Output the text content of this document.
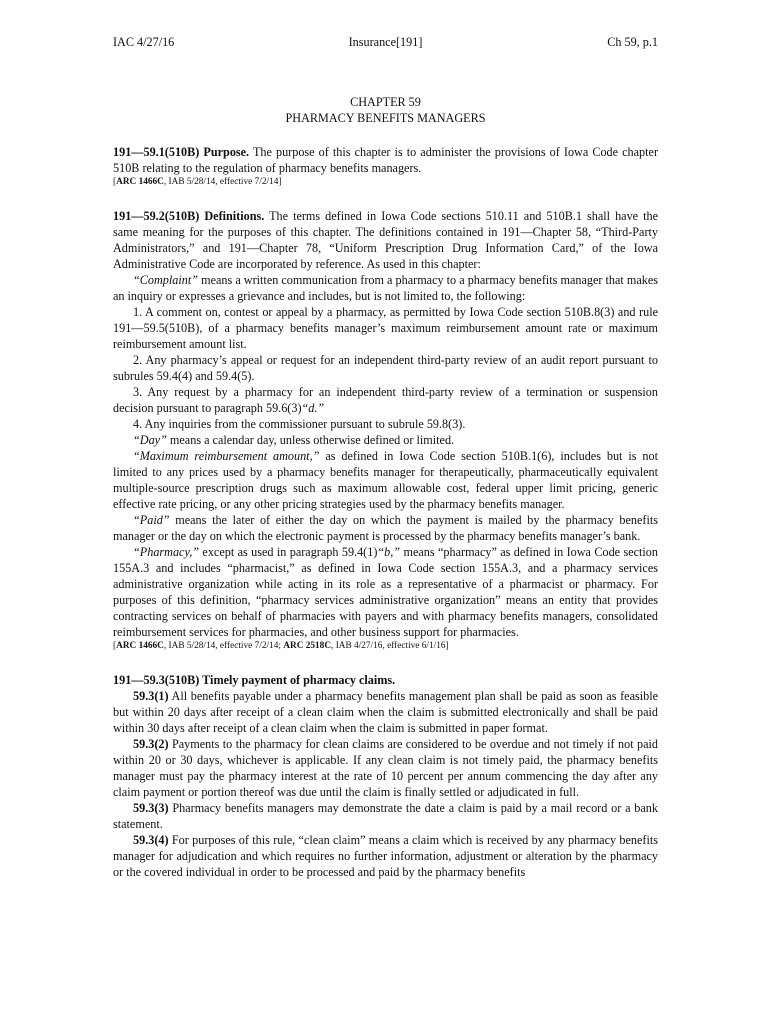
IAC 4/27/16	Insurance[191]	Ch 59, p.1

CHAPTER 59

PHARMACY BENEFITS MANAGERS

191—59.1(510B) Purpose. The purpose of this chapter is to administer the provisions of Iowa Code chapter 510B relating to the regulation of pharmacy benefits managers.

[ARC 1466C, IAB 5/28/14, effective 7/2/14]

191—59.2(510B) Definitions. The terms defined in Iowa Code sections 510.11 and 510B.1 shall have the same meaning for the purposes of this chapter. The definitions contained in 191—Chapter 58, “Third-Party Administrators,” and 191—Chapter 78, “Uniform Prescription Drug Information Card,” of the Iowa Administrative Code are incorporated by reference. As used in this chapter:

“Complaint” means a written communication from a pharmacy to a pharmacy benefits manager that makes an inquiry or expresses a grievance and includes, but is not limited to, the following:

1. A comment on, contest or appeal by a pharmacy, as permitted by Iowa Code section 510B.8(3) and rule 191—59.5(510B), of a pharmacy benefits manager’s maximum reimbursement amount rate or maximum reimbursement amount list.

2. Any pharmacy’s appeal or request for an independent third-party review of an audit report pursuant to subrules 59.4(4) and 59.4(5).

3. Any request by a pharmacy for an independent third-party review of a termination or suspension decision pursuant to paragraph 59.6(3)“d.”

4. Any inquiries from the commissioner pursuant to subrule 59.8(3).

“Day” means a calendar day, unless otherwise defined or limited.

“Maximum reimbursement amount,” as defined in Iowa Code section 510B.1(6), includes but is not limited to any prices used by a pharmacy benefits manager for therapeutically, pharmaceutically equivalent multiple-source prescription drugs such as maximum allowable cost, federal upper limit pricing, generic effective rate pricing, or any other pricing strategies used by the pharmacy benefits manager.

“Paid” means the later of either the day on which the payment is mailed by the pharmacy benefits manager or the day on which the electronic payment is processed by the pharmacy benefits manager’s bank.

“Pharmacy,” except as used in paragraph 59.4(1)“b,” means “pharmacy” as defined in Iowa Code section 155A.3 and includes “pharmacist,” as defined in Iowa Code section 155A.3, and a pharmacy services administrative organization while acting in its role as a representative of a pharmacist or pharmacy. For purposes of this definition, “pharmacy services administrative organization” means an entity that provides contracting services on behalf of pharmacies with payers and with pharmacy benefits managers, consolidated reimbursement services for pharmacies, and other business support for pharmacies.

[ARC 1466C, IAB 5/28/14, effective 7/2/14; ARC 2518C, IAB 4/27/16, effective 6/1/16]

191—59.3(510B) Timely payment of pharmacy claims.

59.3(1) All benefits payable under a pharmacy benefits management plan shall be paid as soon as feasible but within 20 days after receipt of a clean claim when the claim is submitted electronically and shall be paid within 30 days after receipt of a clean claim when the claim is submitted in paper format.

59.3(2) Payments to the pharmacy for clean claims are considered to be overdue and not timely if not paid within 20 or 30 days, whichever is applicable. If any clean claim is not timely paid, the pharmacy benefits manager must pay the pharmacy interest at the rate of 10 percent per annum commencing the day after any claim payment or portion thereof was due until the claim is finally settled or adjudicated in full.

59.3(3) Pharmacy benefits managers may demonstrate the date a claim is paid by a mail record or a bank statement.

59.3(4) For purposes of this rule, “clean claim” means a claim which is received by any pharmacy benefits manager for adjudication and which requires no further information, adjustment or alteration by the pharmacy or the covered individual in order to be processed and paid by the pharmacy benefits
